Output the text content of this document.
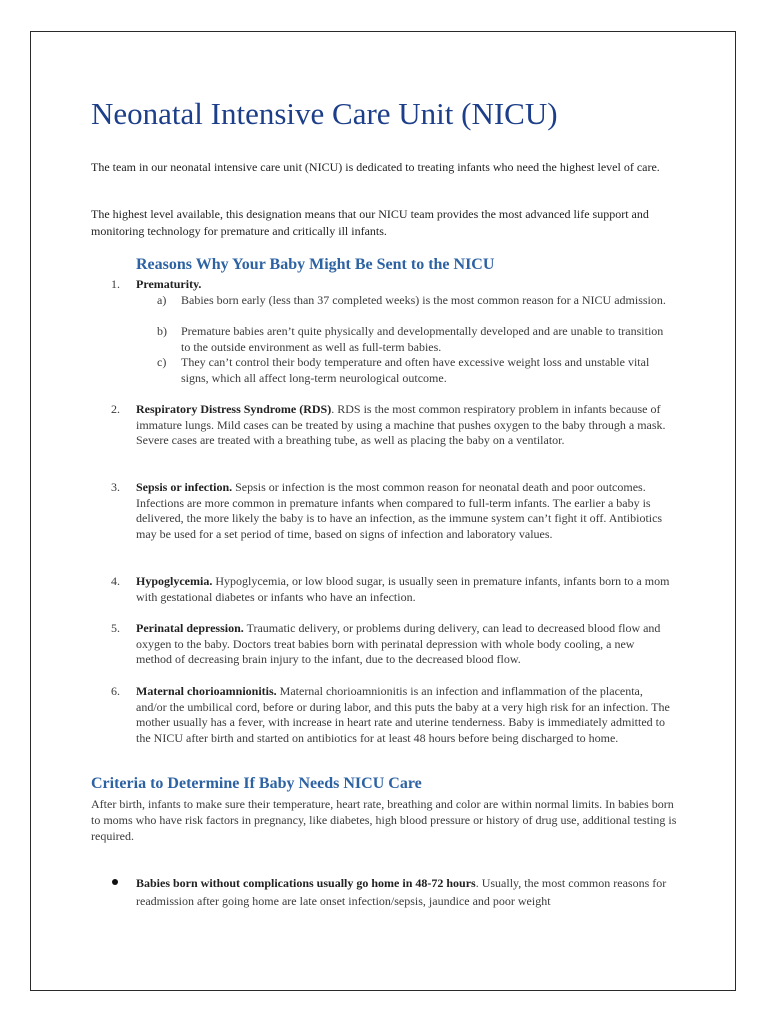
Neonatal Intensive Care Unit (NICU)

The team in our neonatal intensive care unit (NICU) is dedicated to treating infants who need the highest level of care.

The highest level available, this designation means that our NICU team provides the most advanced life support and monitoring technology for premature and critically ill infants.

Reasons Why Your Baby Might Be Sent to the NICU
1. Prematurity.
a) Babies born early (less than 37 completed weeks) is the most common reason for a NICU admission.
b) Premature babies aren’t quite physically and developmentally developed and are unable to transition to the outside environment as well as full-term babies.
c) They can’t control their body temperature and often have excessive weight loss and unstable vital signs, which all affect long-term neurological outcome.
2. Respiratory Distress Syndrome (RDS). RDS is the most common respiratory problem in infants because of immature lungs. Mild cases can be treated by using a machine that pushes oxygen to the baby through a mask. Severe cases are treated with a breathing tube, as well as placing the baby on a ventilator.
3. Sepsis or infection. Sepsis or infection is the most common reason for neonatal death and poor outcomes. Infections are more common in premature infants when compared to full-term infants. The earlier a baby is delivered, the more likely the baby is to have an infection, as the immune system can’t fight it off. Antibiotics may be used for a set period of time, based on signs of infection and laboratory values.
4. Hypoglycemia. Hypoglycemia, or low blood sugar, is usually seen in premature infants, infants born to a mom with gestational diabetes or infants who have an infection.
5. Perinatal depression. Traumatic delivery, or problems during delivery, can lead to decreased blood flow and oxygen to the baby. Doctors treat babies born with perinatal depression with whole body cooling, a new method of decreasing brain injury to the infant, due to the decreased blood flow.
6. Maternal chorioamnionitis. Maternal chorioamnionitis is an infection and inflammation of the placenta, and/or the umbilical cord, before or during labor, and this puts the baby at a very high risk for an infection. The mother usually has a fever, with increase in heart rate and uterine tenderness. Baby is immediately admitted to the NICU after birth and started on antibiotics for at least 48 hours before being discharged to home.
Criteria to Determine If Baby Needs NICU Care

After birth, infants to make sure their temperature, heart rate, breathing and color are within normal limits. In babies born to moms who have risk factors in pregnancy, like diabetes, high blood pressure or history of drug use, additional testing is required.

Babies born without complications usually go home in 48-72 hours. Usually, the most common reasons for readmission after going home are late onset infection/sepsis, jaundice and poor weight
